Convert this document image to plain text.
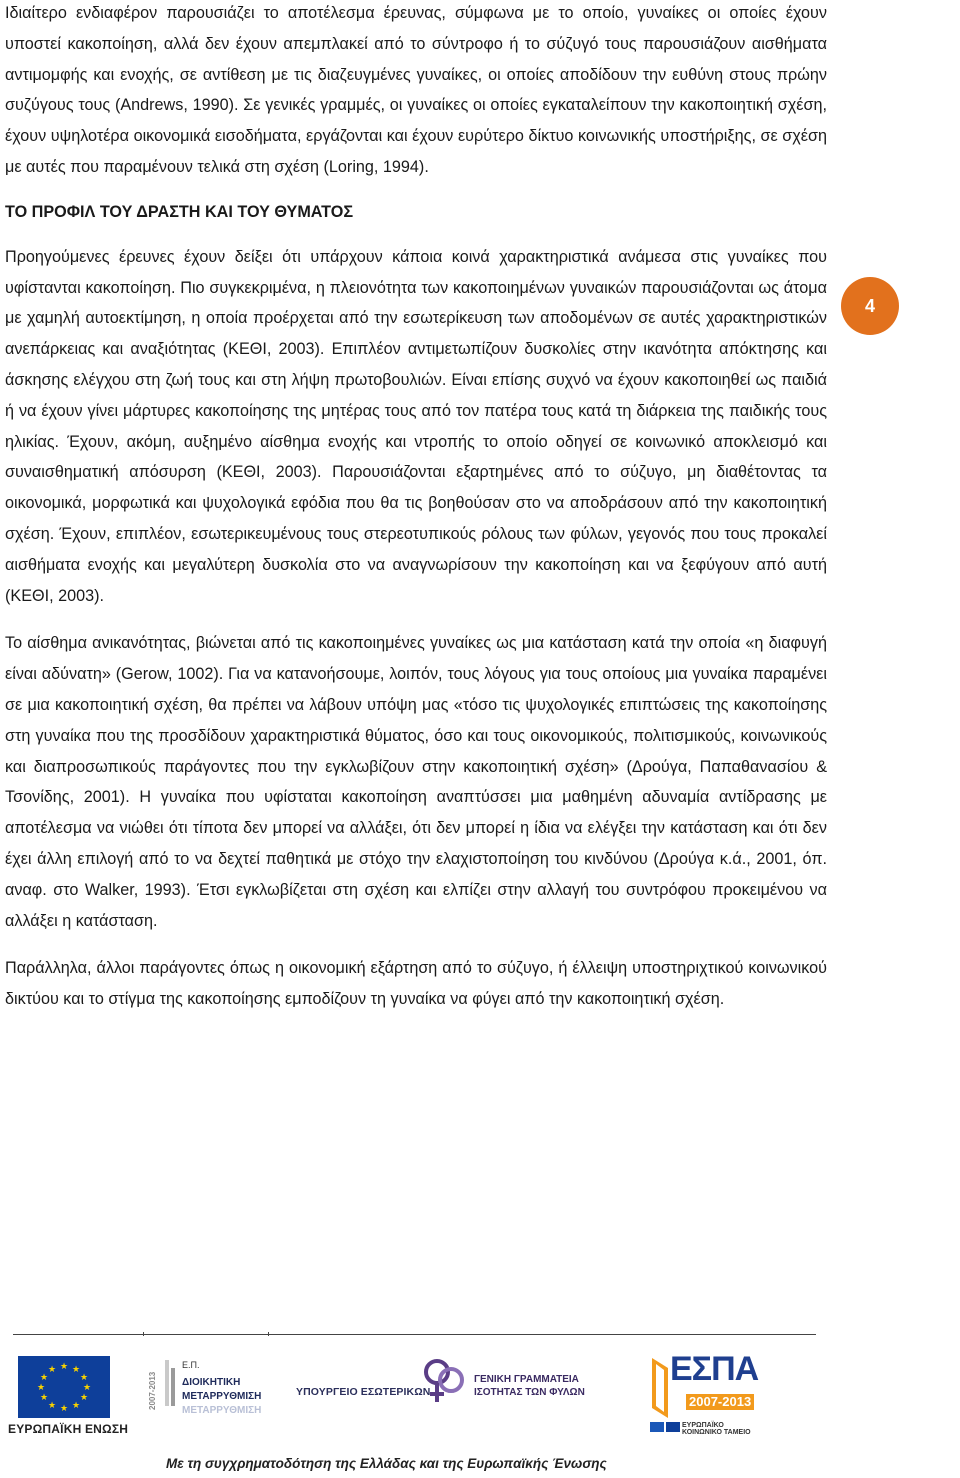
Ιδιαίτερο ενδιαφέρον παρουσιάζει το αποτέλεσμα έρευνας, σύμφωνα με το οποίο, γυναίκες οι οποίες έχουν υποστεί κακοποίηση, αλλά δεν έχουν απεμπλακεί από το σύντροφο ή το σύζυγό τους παρουσιάζουν αισθήματα αντιμομφής και ενοχής, σε αντίθεση με τις διαζευγμένες γυναίκες, οι οποίες αποδίδουν την ευθύνη στους πρώην συζύγους τους (Andrews, 1990). Σε γενικές γραμμές, οι γυναίκες οι οποίες εγκαταλείπουν την κακοποιητική σχέση, έχουν υψηλοτέρα οικονομικά εισοδήματα, εργάζονται και έχουν ευρύτερο δίκτυο κοινωνικής υποστήριξης, σε σχέση με αυτές που παραμένουν τελικά στη σχέση (Loring, 1994).

ΤΟ ΠΡΟΦΙΛ ΤΟΥ ΔΡΑΣΤΗ ΚΑΙ ΤΟΥ ΘΥΜΑΤΟΣ

Προηγούμενες έρευνες έχουν δείξει ότι υπάρχουν κάποια κοινά χαρακτηριστικά ανάμεσα στις γυναίκες που υφίστανται κακοποίηση. Πιο συγκεκριμένα, η πλειονότητα των κακοποιημένων γυναικών παρουσιάζονται ως άτομα με χαμηλή αυτοεκτίμηση, η οποία προέρχεται από την εσωτερίκευση των αποδομένων σε αυτές χαρακτηριστικών ανεπάρκειας και αναξιότητας (ΚΕΘΙ, 2003). Επιπλέον αντιμετωπίζουν δυσκολίες στην ικανότητα απόκτησης και άσκησης ελέγχου στη ζωή τους και στη λήψη πρωτοβουλιών. Είναι επίσης συχνό να έχουν κακοποιηθεί ως παιδιά ή να έχουν γίνει μάρτυρες κακοποίησης της μητέρας τους από τον πατέρα τους κατά τη διάρκεια της παιδικής τους ηλικίας. Έχουν, ακόμη, αυξημένο αίσθημα ενοχής και ντροπής το οποίο οδηγεί σε κοινωνικό αποκλεισμό και συναισθηματική απόσυρση (ΚΕΘΙ, 2003). Παρουσιάζονται εξαρτημένες από το σύζυγο, μη διαθέτοντας τα οικονομικά, μορφωτικά και ψυχολογικά εφόδια που θα τις βοηθούσαν στο να αποδράσουν από την κακοποιητική σχέση. Έχουν, επιπλέον, εσωτερικευμένους τους στερεοτυπικούς ρόλους των φύλων, γεγονός που τους προκαλεί αισθήματα ενοχής και μεγαλύτερη δυσκολία στο να αναγνωρίσουν την κακοποίηση και να ξεφύγουν από αυτή (ΚΕΘΙ, 2003).

Το αίσθημα ανικανότητας, βιώνεται από τις κακοποιημένες γυναίκες ως μια κατάσταση κατά την οποία «η διαφυγή είναι αδύνατη» (Gerow, 1002). Για να κατανοήσουμε, λοιπόν, τους λόγους για τους οποίους μια γυναίκα παραμένει σε μια κακοποιητική σχέση, θα πρέπει να λάβουν υπόψη μας «τόσο τις ψυχολογικές επιπτώσεις της κακοποίησης στη γυναίκα που της προσδίδουν χαρακτηριστικά θύματος, όσο και τους οικονομικούς, πολιτισμικούς, κοινωνικούς και διαπροσωπικούς παράγοντες που την εγκλωβίζουν στην κακοποιητική σχέση» (Δρούγα, Παπαθανασίου & Τσονίδης, 2001). Η γυναίκα που υφίσταται κακοποίηση αναπτύσσει μια μαθημένη αδυναμία αντίδρασης με αποτέλεσμα να νιώθει ότι τίποτα δεν μπορεί να αλλάξει, ότι δεν μπορεί η ίδια να ελέγξει την κατάσταση και ότι δεν έχει άλλη επιλογή από το να δεχτεί παθητικά με στόχο την ελαχιστοποίηση του κινδύνου (Δρούγα κ.ά., 2001, όπ. αναφ. στο Walker, 1993). Έτσι εγκλωβίζεται στη σχέση και ελπίζει στην αλλαγή του συντρόφου προκειμένου να αλλάξει η κατάσταση.

Παράλληλα, άλλοι παράγοντες όπως η οικονομική εξάρτηση από το σύζυγο, ή έλλειψη υποστηριχτικού κοινωνικού δικτύου και το στίγμα της κακοποίησης εμποδίζουν τη γυναίκα να φύγει από την κακοποιητική σχέση.

4
★ ★
★
★
★
★
★
★
★
★
★
★
ΕΥΡΩΠΑΪΚΗ ΕΝΩΣΗ
2007-2013
Ε.Π.
ΔΙΟΙΚΗΤΙΚΗ
ΜΕΤΑΡΡΥΘΜΙΣΗ
ΜΕΤΑΡΡΥΘΜΙΣΗ
ΥΠΟΥΡΓΕΙΟ ΕΣΩΤΕΡΙΚΩΝ
ΓΕΝΙΚΗ ΓΡΑΜΜΑΤΕΙΑ
ΙΣΟΤΗΤΑΣ ΤΩΝ ΦΥΛΩΝ
ΕΣΠΑ
2007-2013
ΕΥΡΩΠΑΪΚΟ ΚΟΙΝΩΝΙΚΟ ΤΑΜΕΙΟ
Με τη συγχρηματοδότηση της Ελλάδας και της Ευρωπαϊκής Ένωσης
